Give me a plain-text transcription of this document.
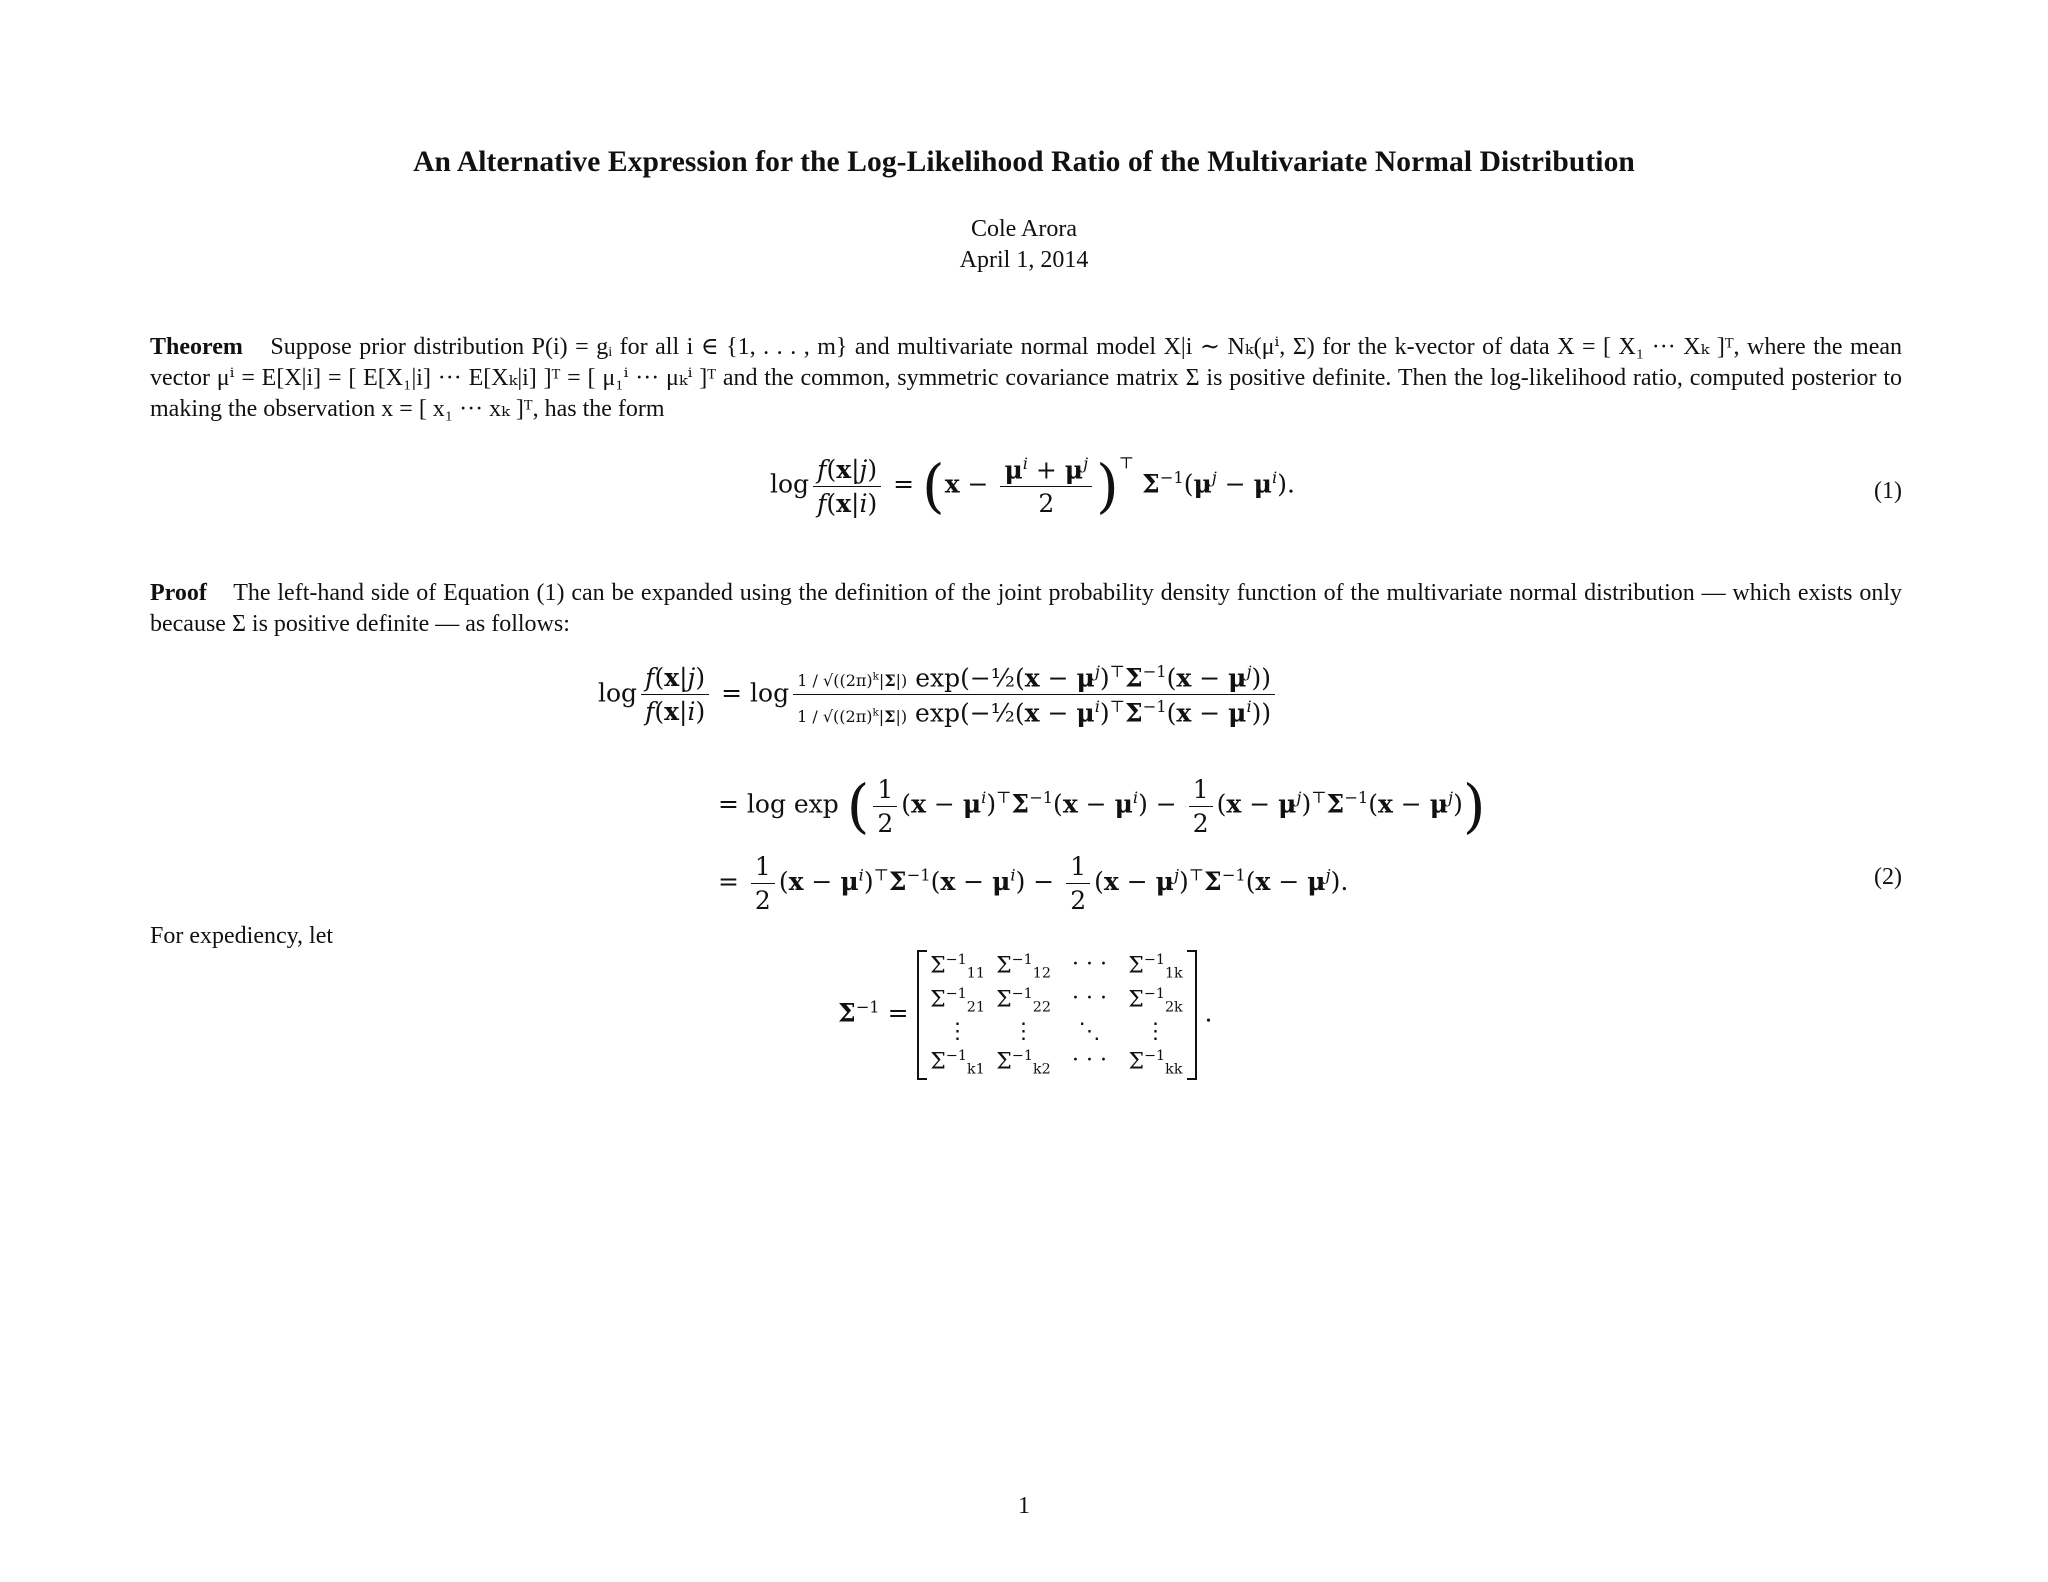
An Alternative Expression for the Log-Likelihood Ratio of the Multivariate Normal Distribution
Cole Arora
April 1, 2014
Theorem Suppose prior distribution P(i) = gᵢ for all i ∈ {1, . . . , m} and multivariate normal model X|i ∼ Nₖ(μⁱ, Σ) for the k-vector of data X = [ X₁ ··· Xₖ ]ᵀ, where the mean vector μⁱ = E[X|i] = [ E[X₁|i] ··· E[Xₖ|i] ]ᵀ = [ μ₁ⁱ ··· μₖⁱ ]ᵀ and the common, symmetric covariance matrix Σ is positive definite. Then the log-likelihood ratio, computed posterior to making the observation x = [ x₁ ··· xₖ ]ᵀ, has the form
$\log \frac{f(x|j)}{f(x|i)} = (x - \frac{\mu^i + \mu^j}{2} )^⊤$ $\Sigma^{-1}(\mu^j - \mu^i)$.	(1)
Proof The left-hand side of Equation (1) can be expanded using the definition of the joint probability density function of the multivariate normal distribution — which exists only because Σ is positive definite — as follows:
$\log \frac{f(x|j)}{f(x|i)} = \log \frac{1 / √((2\pi)^k|\Sigma|) \exp(-\frac{1}{2}(x - \mu^j)^⊤\Sigma^{-1}(x - \mu^j))}{1 / √((2\pi)^k|\Sigma|) \exp(-\frac{1}{2}(x - \mu^i)^⊤\Sigma^{-1}(x - \mu^i))}$
= log exp ( $\frac{1}{2} (x - \mu^i)^⊤\Sigma^{-1}(x - \mu^i) - \frac{1}{2} (x - \mu^j)^⊤\Sigma^{-1}(x - \mu^j)$)
= $\frac{1}{2} (x - \mu^i)^⊤\Sigma^{-1}(x - \mu^i) - \frac{1}{2} (x - \mu^j)^⊤\Sigma^{-1}(x - \mu^j)$.	(2)
For expediency, let
$\Sigma^{-1}$ =
$\Sigma^{-1}_{11}$ $\Sigma^{-1}_{12}$ · · · $\Sigma^{-1}_{1k}$
$\Sigma^{-1}_{21}$ $\Sigma^{-1}_{22}$ · · · $\Sigma^{-1}_{2k}$
⋮	⋮	⋱	⋮
$\Sigma^{-1}_{k1}$ $\Sigma^{-1}_{k2}$ · · · $\Sigma^{-1}_{kk}$
.
1
